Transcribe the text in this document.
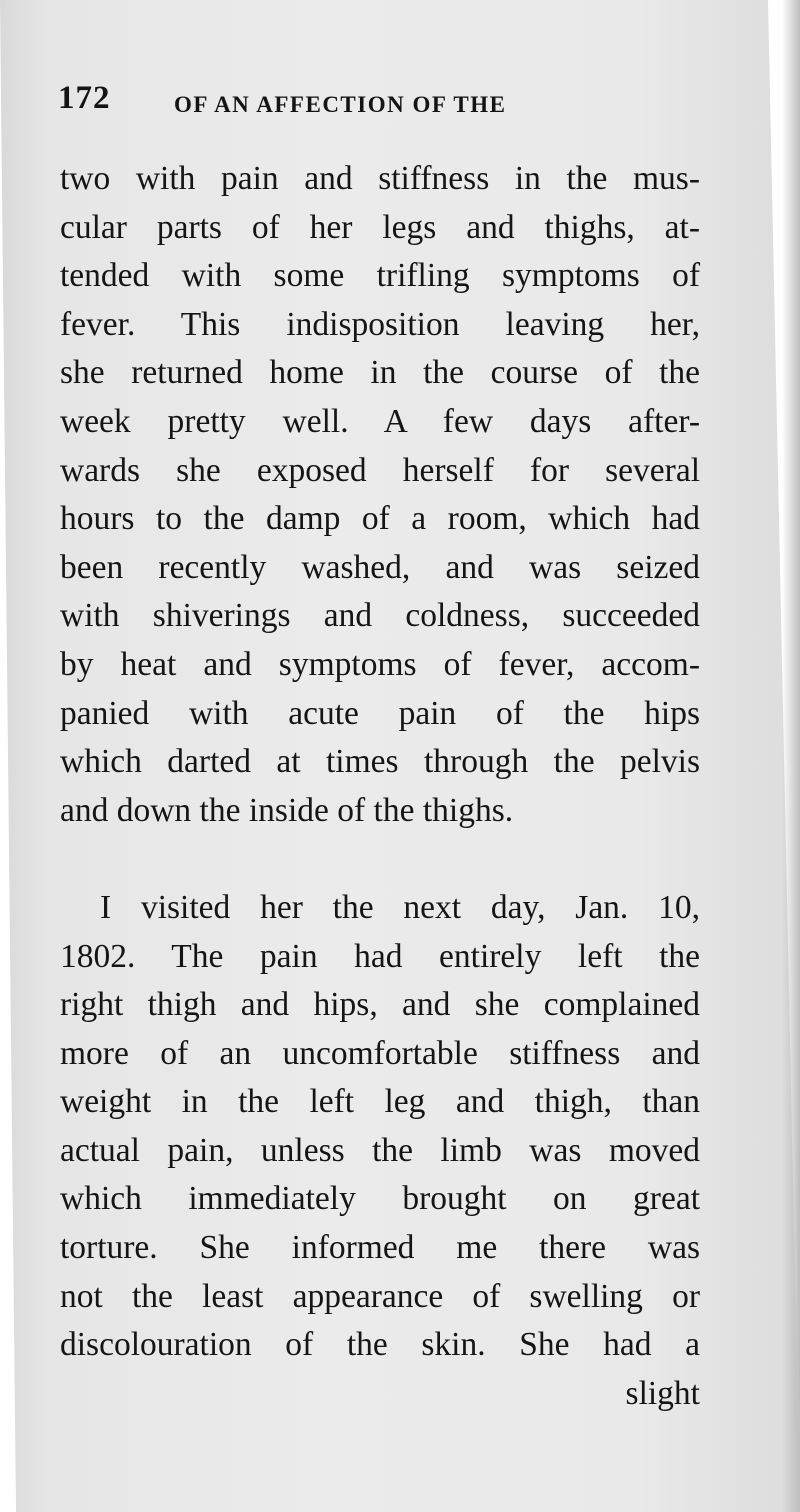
172	OF AN AFFECTION OF THE
two with pain and stiffness in the mus-
cular parts of her legs and thighs, at-
tended with some trifling symptoms of
fever. This indisposition leaving her,
she returned home in the course of the
week pretty well. A few days after-
wards she exposed herself for several
hours to the damp of a room, which had
been recently washed, and was seized
with shiverings and coldness, succeeded
by heat and symptoms of fever, accom-
panied with acute pain of the hips
which darted at times through the pelvis
and down the inside of the thighs.
I visited her the next day, Jan. 10,
1802. The pain had entirely left the
right thigh and hips, and she complained
more of an uncomfortable stiffness and
weight in the left leg and thigh, than
actual pain, unless the limb was moved
which immediately brought on great
torture. She informed me there was
not the least appearance of swelling or
discolouration of the skin. She had a
slight
